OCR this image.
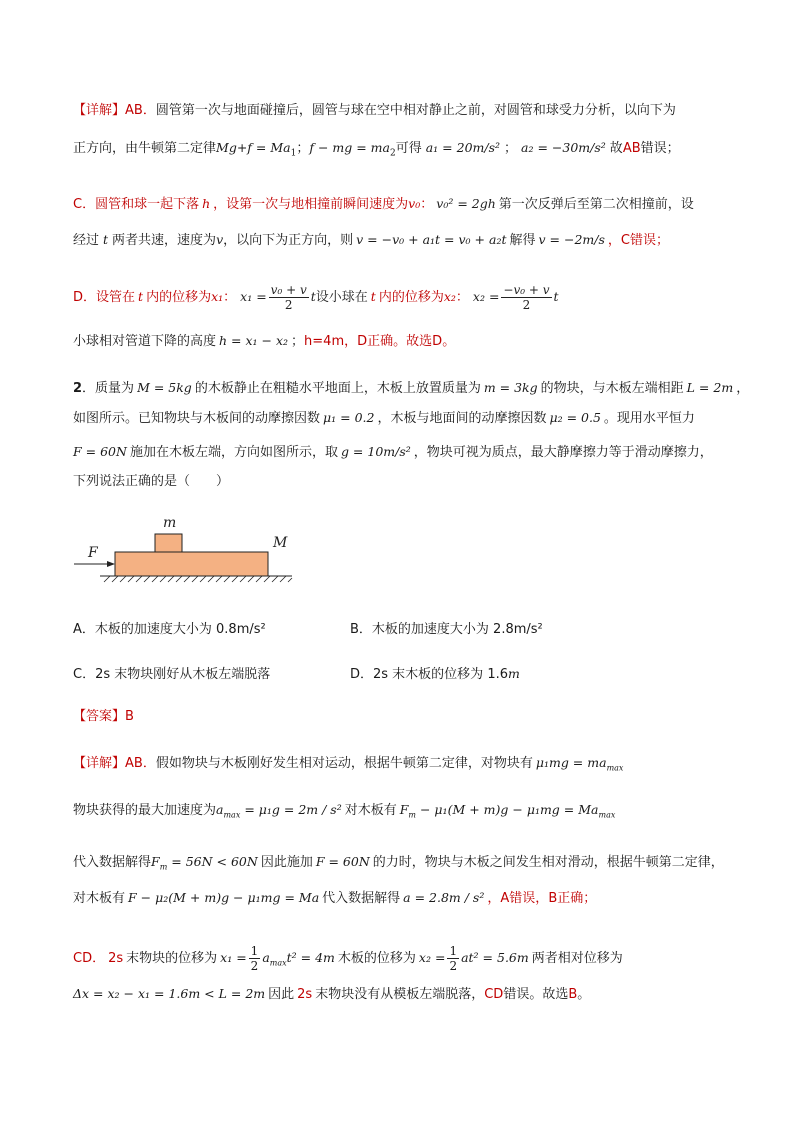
【详解】AB．圆管第一次与地面碰撞后，圆管与球在空中相对静止之前，对圆管和球受力分析，以向下为
正方向，由牛顿第二定律$Mg+f = Ma_1$；f − mg = $ma_2$可得 a₁ = 20m/s² ； a₂ = −30m/s² 故AB错误；
C．圆管和球一起下落 h ，设第一次与地相撞前瞬间速度为v₀： v₀² = 2gh 第一次反弹后至第二次相撞前，设
经过 t 两者共速，速度为v，以向下为正方向，则 v = −v₀ + a₁t = v₀ + a₂t 解得 v = −2m/s ，C错误；
D．设管在 t 内的位移为x₁： $x_1 = \frac{\text{v₀ + v}}{2}$ t设小球在 t 内的位移为x₂： $x_2 = \frac{\text{−v₀ + v}}{2}$ t
小球相对管道下降的高度 h = x₁ − x₂ ；h=4m，D正确。故选D。
2．质量为 M = 5kg 的木板静止在粗糙水平地面上，木板上放置质量为 m = 3kg 的物块，与木板左端相距 L = 2m ，
如图所示。已知物块与木板间的动摩擦因数 μ₁ = 0.2 ，木板与地面间的动摩擦因数 μ₂ = 0.5 。现用水平恒力
F = 60N 施加在木板左端，方向如图所示，取 g = 10m/s² ，物块可视为质点，最大静摩擦力等于滑动摩擦力，
下列说法正确的是（　　）
m
M
F
A．木板的加速度大小为 0.8m/s²	B．木板的加速度大小为 2.8m/s²
C．2s 末物块刚好从木板左端脱落	D．2s 末木板的位移为 1.6m
【答案】B
【详解】AB．假如物块与木板刚好发生相对运动，根据牛顿第二定律，对物块有 $\mu_1mg = ma_{max}$
物块获得的最大加速度为$a_{max} = \mu_1g = 2m / s^2$ 对木板有 $F_m - \mu_1(M + m)g - \mu_1mg = Ma_{max}$
代入数据解得$F_m = 56N < 60N$ 因此施加 F = 60N 的力时，物块与木板之间发生相对滑动，根据牛顿第二定律，
对木板有 F − μ₂(M + m)g − μ₁mg = Ma 代入数据解得 a = 2.8m / s² ，A错误，B正确；
CD． 2s 末物块的位移为 $x_1 = \frac{1}{2} a_{max}t^2 = 4m$ 木板的位移为 $x_2 = \frac{1}{2} at^2 = 5.6m$ 两者相对位移为
Δx = x₂ − x₁ = 1.6m < L = 2m 因此 2s 末物块没有从模板左端脱落，CD错误。故选B。
